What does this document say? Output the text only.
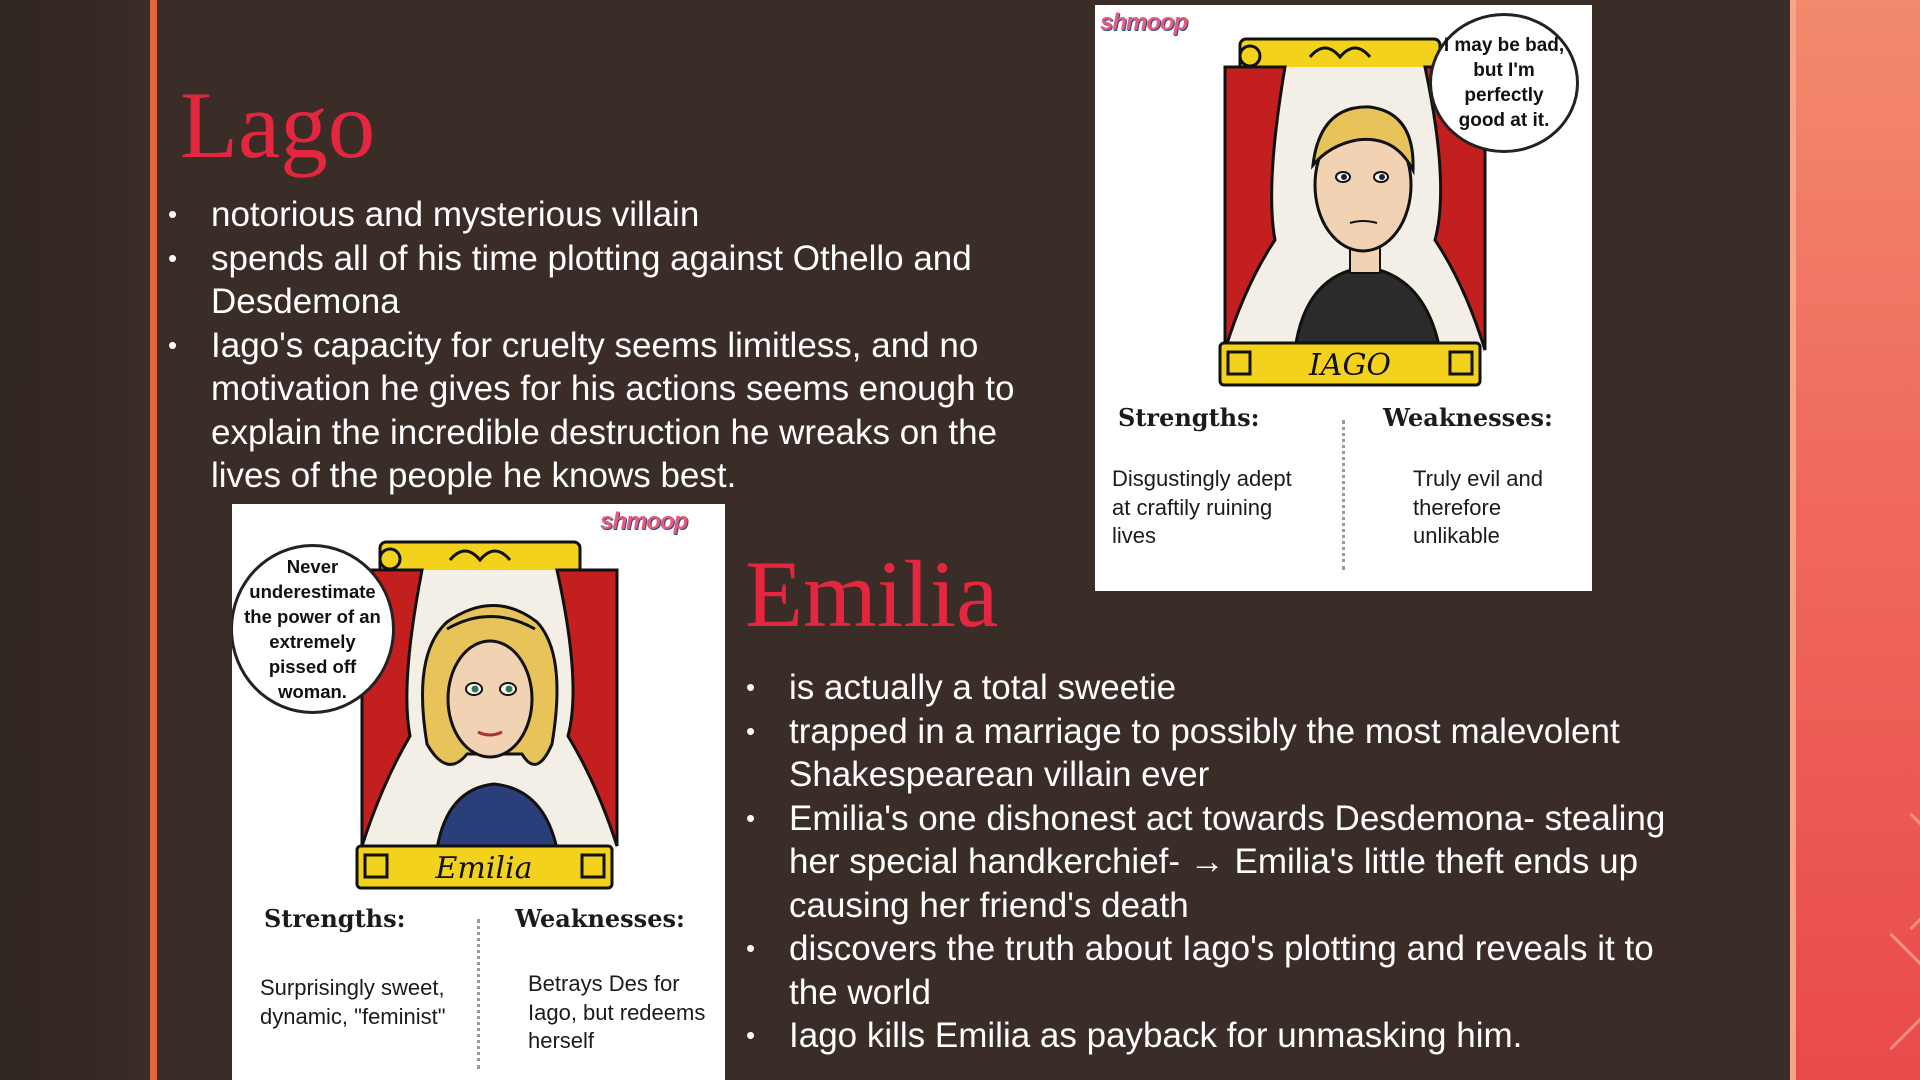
Lago
• notorious and mysterious villain
• spends all of his time plotting against Othello and Desdemona
• Iago's capacity for cruelty seems limitless, and no motivation he gives for his actions seems enough to explain the incredible destruction he wreaks on the lives of the people he knows best.
Emilia
• is actually a total sweetie
• trapped in a marriage to possibly the most malevolent Shakespearean villain ever
• Emilia's one dishonest act towards Desdemona- stealing her special handkerchief- → Emilia's little theft ends up causing her friend's death
• discovers the truth about Iago's plotting and reveals it to the world
• Iago kills Emilia as payback for unmasking him.
IAGO
shmoop
I may be bad, but I'm perfectly good at it.
Strengths:	Weaknesses:
Disgustingly adept at craftily ruining lives
Truly evil and therefore unlikable
Emilia
shmoop
Never underestimate the power of an extremely pissed off woman.
Strengths:	Weaknesses:
Surprisingly sweet, dynamic, "feminist"
Betrays Des for Iago, but redeems herself
